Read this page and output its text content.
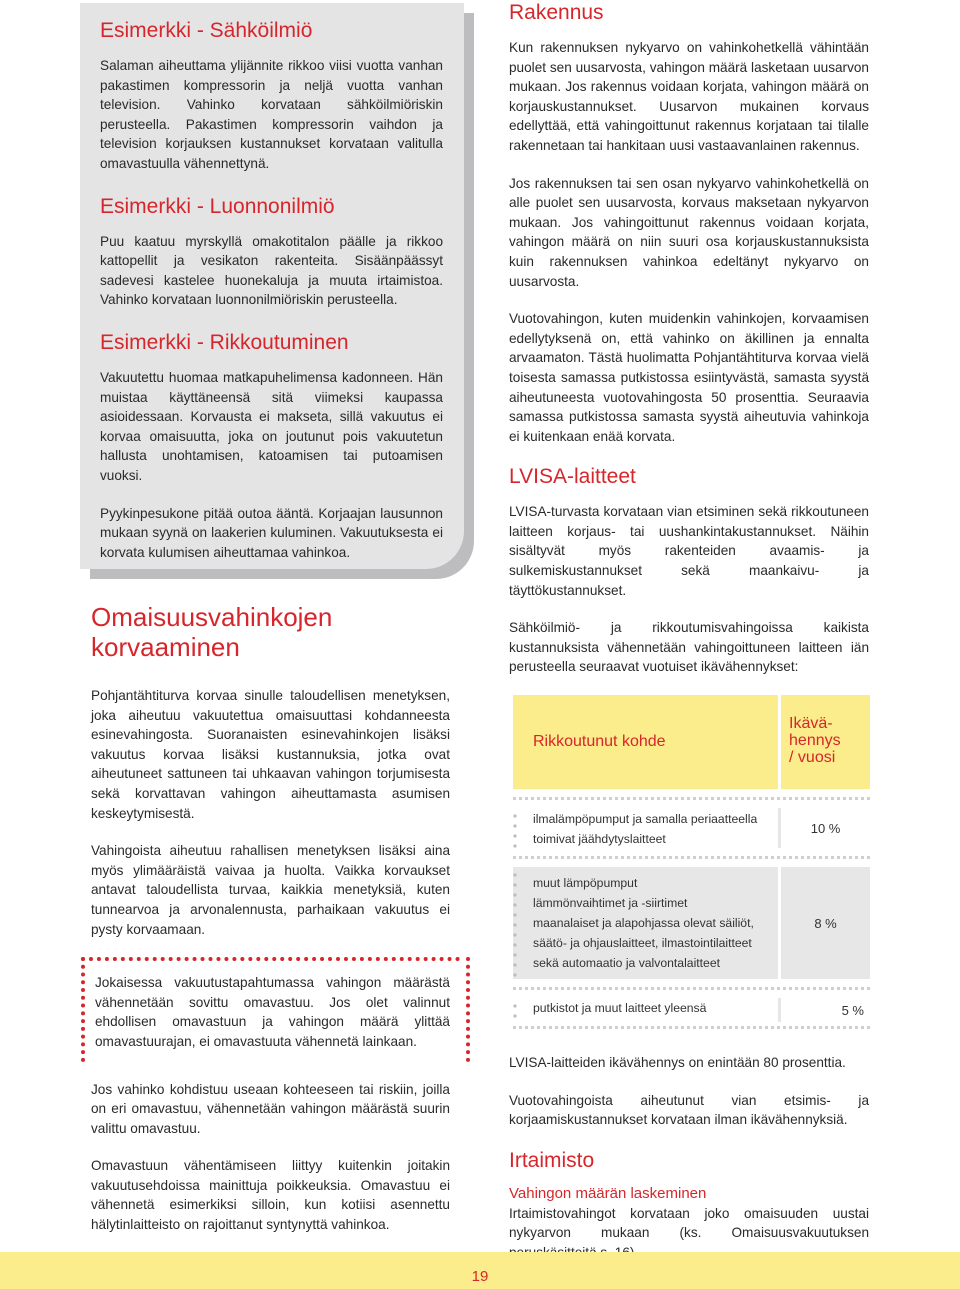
Esimerkki - Sähköilmiö

Salaman aiheuttama ylijännite rikkoo viisi vuotta vanhan pakastimen kompressorin ja neljä vuotta vanhan television. Vahinko korvataan sähköilmiöriskin perusteella. Pakastimen kompressorin vaihdon ja television korjauksen kustannukset korvataan valitulla omavastuulla vähennettynä.

Esimerkki - Luonnonilmiö

Puu kaatuu myrskyllä omakotitalon päälle ja rikkoo kattopellit ja vesikaton rakenteita. Sisäänpäässyt sadevesi kastelee huonekaluja ja muuta irtaimistoa. Vahinko korvataan luonnonilmiöriskin perusteella.

Esimerkki - Rikkoutuminen

Vakuutettu huomaa matkapuhelimensa kadonneen. Hän muistaa käyttäneensä sitä viimeksi kaupassa asioidessaan. Korvausta ei makseta, sillä vakuutus ei korvaa omaisuutta, joka on joutunut pois vakuutetun hallusta unohtamisen, katoamisen tai putoamisen vuoksi.

Pyykinpesukone pitää outoa ääntä. Korjaajan lausunnon mukaan syynä on laakerien kuluminen. Vakuutuksesta ei korvata kulumisen aiheuttamaa vahinkoa.

Omaisuusvahinkojen korvaaminen

Pohjantähtiturva korvaa sinulle taloudellisen menetyksen, joka aiheutuu vakuutettua omaisuuttasi kohdanneesta esinevahingosta. Suoranaisten esinevahinkojen lisäksi vakuutus korvaa lisäksi kustannuksia, jotka ovat aiheutuneet sattuneen tai uhkaavan vahingon torjumisesta sekä korvattavan vahingon aiheuttamasta asumisen keskeytymisestä.

Vahingoista aiheutuu rahallisen menetyksen lisäksi aina myös ylimääräistä vaivaa ja huolta. Vaikka korvaukset antavat taloudellista turvaa, kaikkia menetyksiä, kuten tunnearvoa ja arvonalennusta, parhaikaan vakuutus ei pysty korvaamaan.

Jokaisessa vakuutustapahtumassa vahingon määrästä vähennetään sovittu omavastuu. Jos olet valinnut ehdollisen omavastuun ja vahingon määrä ylittää omavastuurajan, ei omavastuuta vähennetä lainkaan.

Jos vahinko kohdistuu useaan kohteeseen tai riskiin, joilla on eri omavastuu, vähennetään vahingon määrästä suurin valittu omavastuu.

Omavastuun vähentämiseen liittyy kuitenkin joitakin vakuutusehdoissa mainittuja poikkeuksia. Omavastuu ei vähennetä esimerkiksi silloin, kun kotiisi asennettu hälytinlaitteisto on rajoittanut syntynyttä vahinkoa.

Rakennus

Kun rakennuksen nykyarvo on vahinkohetkellä vähintään puolet sen uusarvosta, vahingon määrä lasketaan uusarvon mukaan. Jos rakennus voidaan korjata, vahingon määrä on korjauskustannukset. Uusarvon mukainen korvaus edellyttää, että vahingoittunut rakennus korjataan tai tilalle rakennetaan tai hankitaan uusi vastaavanlainen rakennus.

Jos rakennuksen tai sen osan nykyarvo vahinkohetkellä on alle puolet sen uusarvosta, korvaus maksetaan nykyarvon mukaan. Jos vahingoittunut rakennus voidaan korjata, vahingon määrä on niin suuri osa korjauskustannuksista kuin rakennuksen vahinkoa edeltänyt nykyarvo on uusarvosta.

Vuotovahingon, kuten muidenkin vahinkojen, korvaamisen edellytyksenä on, että vahinko on äkillinen ja ennalta arvaamaton. Tästä huolimatta Pohjantähtiturva korvaa vielä toisesta samassa putkistossa esiintyvästä, samasta syystä aiheutuneesta vuotovahingosta 50 prosenttia. Seuraavia samassa putkistossa samasta syystä aiheutuvia vahinkoja ei kuitenkaan enää korvata.

LVISA-laitteet

LVISA-turvasta korvataan vian etsiminen sekä rikkoutuneen laitteen korjaus- tai uushankintakustannukset. Näihin sisältyvät myös rakenteiden avaamis- ja sulkemiskustannukset sekä maankaivu- ja täyttökustannukset.

Sähköilmiö- ja rikkoutumisvahingoissa kaikista kustannuksista vähennetään vahingoittuneen laitteen iän perusteella seuraavat vuotuiset ikävähennykset:

Rikkoutunut kohde
Ikävä-
hennys
/ vuosi
ilmalämpöpumput ja samalla periaatteella toimivat jäähdytyslaitteet
10 %
muut lämpöpumput
lämmönvaihtimet ja -siirtimet
maanalaiset ja alapohjassa olevat säiliöt, säätö- ja ohjauslaitteet, ilmastointilaitteet sekä automaatio ja valvontalaitteet
8 %
putkistot ja muut laitteet yleensä	5 %

LVISA-laitteiden ikävähennys on enintään 80 prosenttia.

Vuotovahingoista aiheutunut vian etsimis- ja korjaamiskustannukset korvataan ilman ikävähennyksiä.

Irtaimisto

Vahingon määrän laskeminen

Irtaimistovahingot korvataan joko omaisuuden uustai nykyarvon mukaan (ks. Omaisuusvakuutuksen

19
